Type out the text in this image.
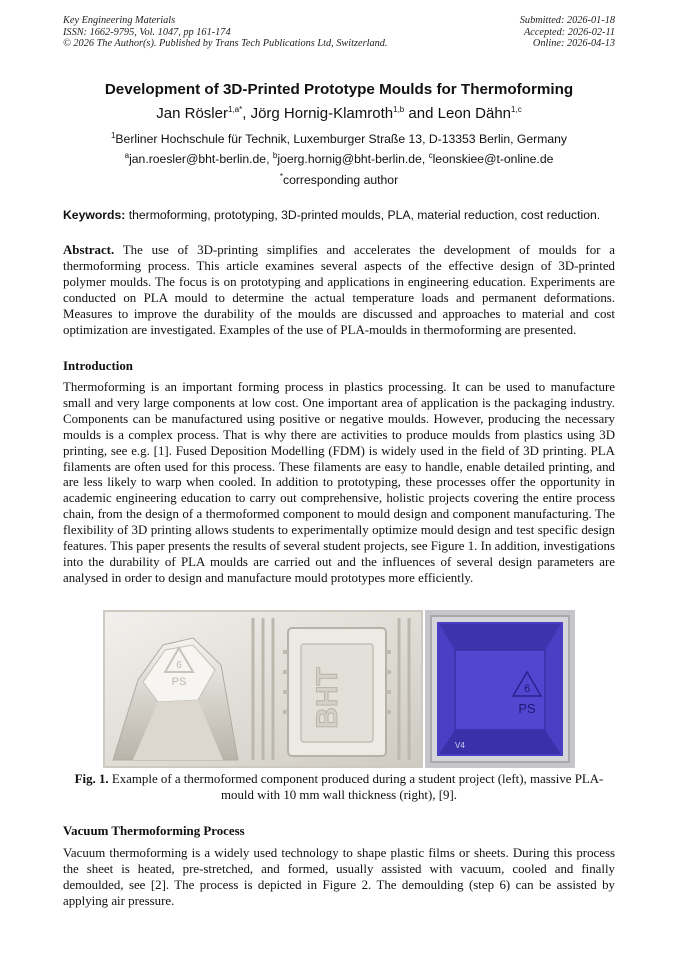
Key Engineering Materials
ISSN: 1662-9795, Vol. 1047, pp 161-174
© 2026 The Author(s). Published by Trans Tech Publications Ltd, Switzerland.
Submitted: 2026-01-18
Accepted: 2026-02-11
Online: 2026-04-13
Development of 3D-Printed Prototype Moulds for Thermoforming
Jan Rösler$^{1,a*}$, Jörg Hornig-Klamroth$^{1,b}$ and Leon Dähn$^{1,c}$
$^1$Berliner Hochschule für Technik, Luxemburger Straße 13, D-13353 Berlin, Germany
$^a$jan.roesler@bht-berlin.de, $^b$joerg.hornig@bht-berlin.de, $^c$leonskiee@t-online.de
*corresponding author
Keywords: thermoforming, prototyping, 3D-printed moulds, PLA, material reduction, cost reduction.
Abstract. The use of 3D-printing simplifies and accelerates the development of moulds for a thermoforming process. This article examines several aspects of the effective design of 3D-printed polymer moulds. The focus is on prototyping and applications in engineering education. Experiments are conducted on PLA mould to determine the actual temperature loads and permanent deformations. Measures to improve the durability of the moulds are discussed and approaches to material and cost optimization are investigated. Examples of the use of PLA-moulds in thermoforming are presented.
Introduction
Thermoforming is an important forming process in plastics processing. It can be used to manufacture small and very large components at low cost. One important area of application is the packaging industry. Components can be manufactured using positive or negative moulds. However, producing the necessary moulds is a complex process. That is why there are activities to produce moulds from plastics using 3D printing, see e.g. [1]. Fused Deposition Modelling (FDM) is widely used in the field of 3D printing. PLA filaments are often used for this process. These filaments are easy to handle, enable detailed printing, and are less likely to warp when cooled. In addition to prototyping, these processes offer the opportunity in academic engineering education to carry out comprehensive, holistic projects covering the entire process chain, from the design of a thermoformed component to mould design and component manufacturing. The flexibility of 3D printing allows students to experimentally optimize mould design and test specific design features. This paper presents the results of several student projects, see Figure 1. In addition, investigations into the durability of PLA moulds are carried out and the influences of several design parameters are analysed in order to design and manufacture mould prototypes more efficiently.
6
PS	BHT	6
PS
V4
Fig. 1. Example of a thermoformed component produced during a student project (left), massive PLA-mould with 10 mm wall thickness (right), [9].
Vacuum Thermoforming Process
Vacuum thermoforming is a widely used technology to shape plastic films or sheets. During this process the sheet is heated, pre-stretched, and formed, usually assisted with vacuum, cooled and finally demoulded, see [2]. The process is depicted in Figure 2. The demoulding (step 6) can be assisted by applying air pressure.
